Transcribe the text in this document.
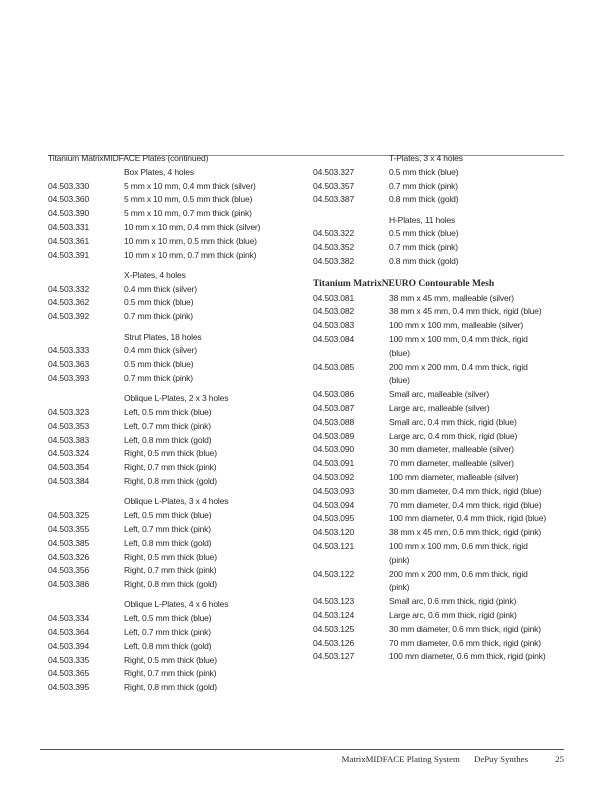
Titanium MatrixMIDFACE Plates (continued)
Box Plates, 4 holes
04.503.330	5 mm x 10 mm, 0.4 mm thick (silver)
04.503.360	5 mm x 10 mm, 0.5 mm thick (blue)
04.503.390	5 mm x 10 mm, 0.7 mm thick (pink)
04.503.331	10 mm x 10 mm, 0.4 mm thick (silver)
04.503.361	10 mm x 10 mm, 0.5 mm thick (blue)
04.503.391	10 mm x 10 mm, 0.7 mm thick (pink)
X-Plates, 4 holes
04.503.332	0.4 mm thick (silver)
04.503.362	0.5 mm thick (blue)
04.503.392	0.7 mm thick (pink)
Strut Plates, 18 holes
04.503.333	0.4 mm thick (silver)
04.503.363	0.5 mm thick (blue)
04.503.393	0.7 mm thick (pink)
Oblique L-Plates, 2 x 3 holes
04.503.323	Left, 0.5 mm thick (blue)
04.503.353	Left, 0.7 mm thick (pink)
04.503.383	Left, 0.8 mm thick (gold)
04.503.324	Right, 0.5 mm thick (blue)
04.503.354	Right, 0.7 mm thick (pink)
04.503.384	Right, 0.8 mm thick (gold)
Oblique L-Plates, 3 x 4 holes
04.503.325	Left, 0.5 mm thick (blue)
04.503.355	Left, 0.7 mm thick (pink)
04.503.385	Left, 0.8 mm thick (gold)
04.503.326	Right, 0.5 mm thick (blue)
04.503.356	Right, 0.7 mm thick (pink)
04.503.386	Right, 0.8 mm thick (gold)
Oblique L-Plates, 4 x 6 holes
04.503.334	Left, 0.5 mm thick (blue)
04.503.364	Left, 0.7 mm thick (pink)
04.503.394	Left, 0.8 mm thick (gold)
04.503.335	Right, 0.5 mm thick (blue)
04.503.365	Right, 0.7 mm thick (pink)
04.503.395	Right, 0.8 mm thick (gold)
T-Plates, 3 x 4 holes
04.503.327	0.5 mm thick (blue)
04.503.357	0.7 mm thick (pink)
04.503.387	0.8 mm thick (gold)
H-Plates, 11 holes
04.503.322	0.5 mm thick (blue)
04.503.352	0.7 mm thick (pink)
04.503.382	0.8 mm thick (gold)
Titanium MatrixNEURO Contourable Mesh
04.503.081	38 mm x 45 mm, malleable (silver)
04.503.082	38 mm x 45 mm, 0.4 mm thick, rigid (blue)
04.503.083	100 mm x 100 mm, malleable (silver)
04.503.084	100 mm x 100 mm, 0.4 mm thick, rigid
(blue)
04.503.085	200 mm x 200 mm, 0.4 mm thick, rigid
(blue)
04.503.086	Small arc, malleable (silver)
04.503.087	Large arc, malleable (silver)
04.503.088	Small arc, 0.4 mm thick, rigid (blue)
04.503.089	Large arc, 0.4 mm thick, rigid (blue)
04.503.090	30 mm diameter, malleable (silver)
04.503.091	70 mm diameter, malleable (silver)
04.503.092	100 mm diameter, malleable (silver)
04.503.093	30 mm diameter, 0.4 mm thick, rigid (blue)
04.503.094	70 mm diameter, 0.4 mm thick, rigid (blue)
04.503.095	100 mm diameter, 0.4 mm thick, rigid (blue)
04.503.120	38 mm x 45 mm, 0.6 mm thick, rigid (pink)
04.503.121	100 mm x 100 mm, 0.6 mm thick, rigid
(pink)
04.503.122	200 mm x 200 mm, 0.6 mm thick, rigid
(pink)
04.503.123	Small arc, 0.6 mm thick, rigid (pink)
04.503.124	Large arc, 0.6 mm thick, rigid (pink)
04.503.125	30 mm diameter, 0.6 mm thick, rigid (pink)
04.503.126	70 mm diameter, 0.6 mm thick, rigid (pink)
04.503.127	100 mm diameter, 0.6 mm thick, rigid (pink)
MatrixMIDFACE Plating System DePuy Synthes	25
